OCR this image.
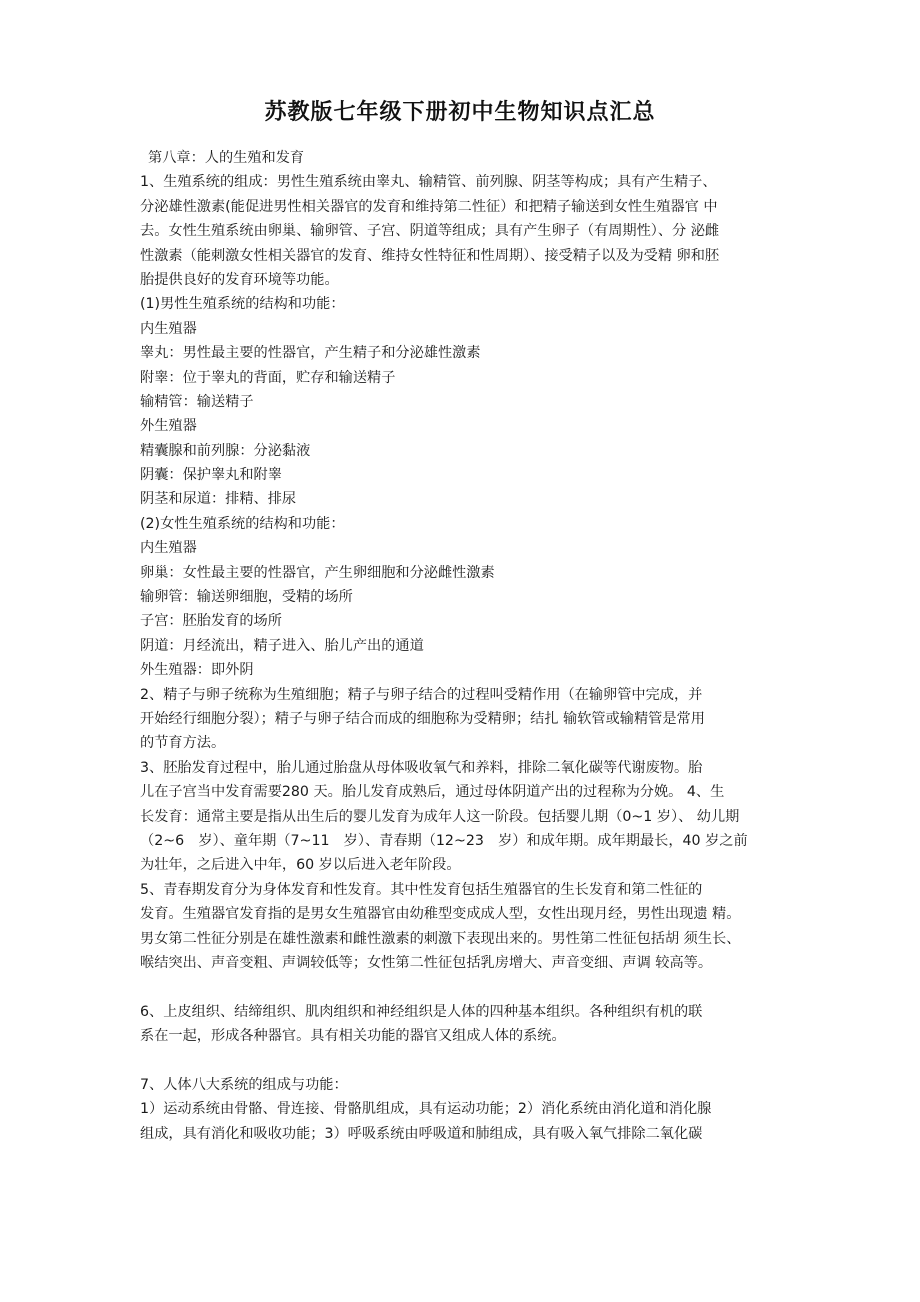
苏教版七年级下册初中生物知识点汇总
第八章：人的生殖和发育
1、生殖系统的组成：男性生殖系统由睾丸、输精管、前列腺、阴茎等构成；具有产生精子、
分泌雄性激素(能促进男性相关器官的发育和维持第二性征）和把精子输送到女性生殖器官 中
去。女性生殖系统由卵巢、输卵管、子宫、阴道等组成；具有产生卵子（有周期性）、分 泌雌
性激素（能刺激女性相关器官的发育、维持女性特征和性周期）、接受精子以及为受精 卵和胚
胎提供良好的发育环境等功能。
(1)男性生殖系统的结构和功能：
内生殖器
睾丸：男性最主要的性器官，产生精子和分泌雄性激素
附睾：位于睾丸的背面，贮存和输送精子
输精管：输送精子
外生殖器
精囊腺和前列腺：分泌黏液
阴囊：保护睾丸和附睾
阴茎和尿道：排精、排尿
(2)女性生殖系统的结构和功能：
内生殖器
卵巢：女性最主要的性器官，产生卵细胞和分泌雌性激素
输卵管：输送卵细胞，受精的场所
子宫：胚胎发育的场所
阴道：月经流出，精子进入、胎儿产出的通道
外生殖器：即外阴
2、精子与卵子统称为生殖细胞；精子与卵子结合的过程叫受精作用（在输卵管中完成，并
开始经行细胞分裂）；精子与卵子结合而成的细胞称为受精卵；结扎 输软管或输精管是常用
的节育方法。
3、胚胎发育过程中，胎儿通过胎盘从母体吸收氧气和养料，排除二氧化碳等代谢废物。胎
儿在子宫当中发育需要280 天。胎儿发育成熟后，通过母体阴道产出的过程称为分娩。 4、生
长发育：通常主要是指从出生后的婴儿发育为成年人这一阶段。包括婴儿期（0~1 岁）、 幼儿期
（2~6　岁）、童年期（7~11　岁）、青春期（12~23　岁）和成年期。成年期最长，40 岁之前
为壮年，之后进入中年，60 岁以后进入老年阶段。
5、青春期发育分为身体发育和性发育。其中性发育包括生殖器官的生长发育和第二性征的
发育。生殖器官发育指的是男女生殖器官由幼稚型变成成人型，女性出现月经，男性出现遗 精。
男女第二性征分别是在雄性激素和雌性激素的刺激下表现出来的。男性第二性征包括胡 须生长、
喉结突出、声音变粗、声调较低等；女性第二性征包括乳房增大、声音变细、声调 较高等。
6、上皮组织、结缔组织、肌肉组织和神经组织是人体的四种基本组织。各种组织有机的联
系在一起，形成各种器官。具有相关功能的器官又组成人体的系统。
7、人体八大系统的组成与功能：
1）运动系统由骨骼、骨连接、骨骼肌组成，具有运动功能；2）消化系统由消化道和消化腺
组成，具有消化和吸收功能；3）呼吸系统由呼吸道和肺组成，具有吸入氧气排除二氧化碳
